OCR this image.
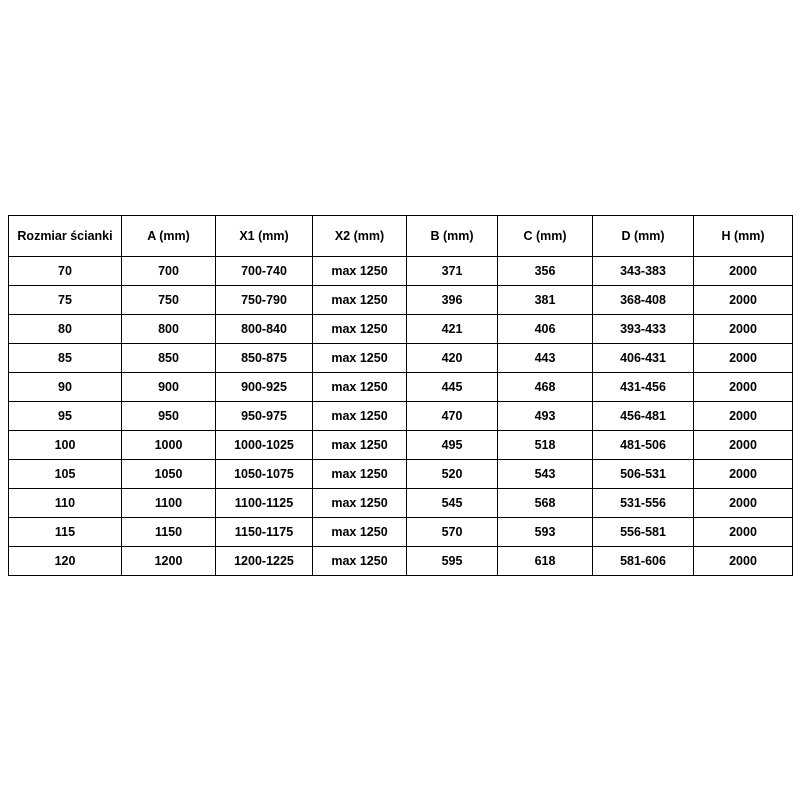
Rozmiar ścianki	A (mm)	X1 (mm)	X2 (mm)	B (mm)	C (mm)	D (mm)	H (mm)
70	700	700-740	max 1250	371	356	343-383	2000
75	750	750-790	max 1250	396	381	368-408	2000
80	800	800-840	max 1250	421	406	393-433	2000
85	850	850-875	max 1250	420	443	406-431	2000
90	900	900-925	max 1250	445	468	431-456	2000
95	950	950-975	max 1250	470	493	456-481	2000
100	1000	1000-1025	max 1250	495	518	481-506	2000
105	1050	1050-1075	max 1250	520	543	506-531	2000
110	1100	1100-1125	max 1250	545	568	531-556	2000
115	1150	1150-1175	max 1250	570	593	556-581	2000
120	1200	1200-1225	max 1250	595	618	581-606	2000
